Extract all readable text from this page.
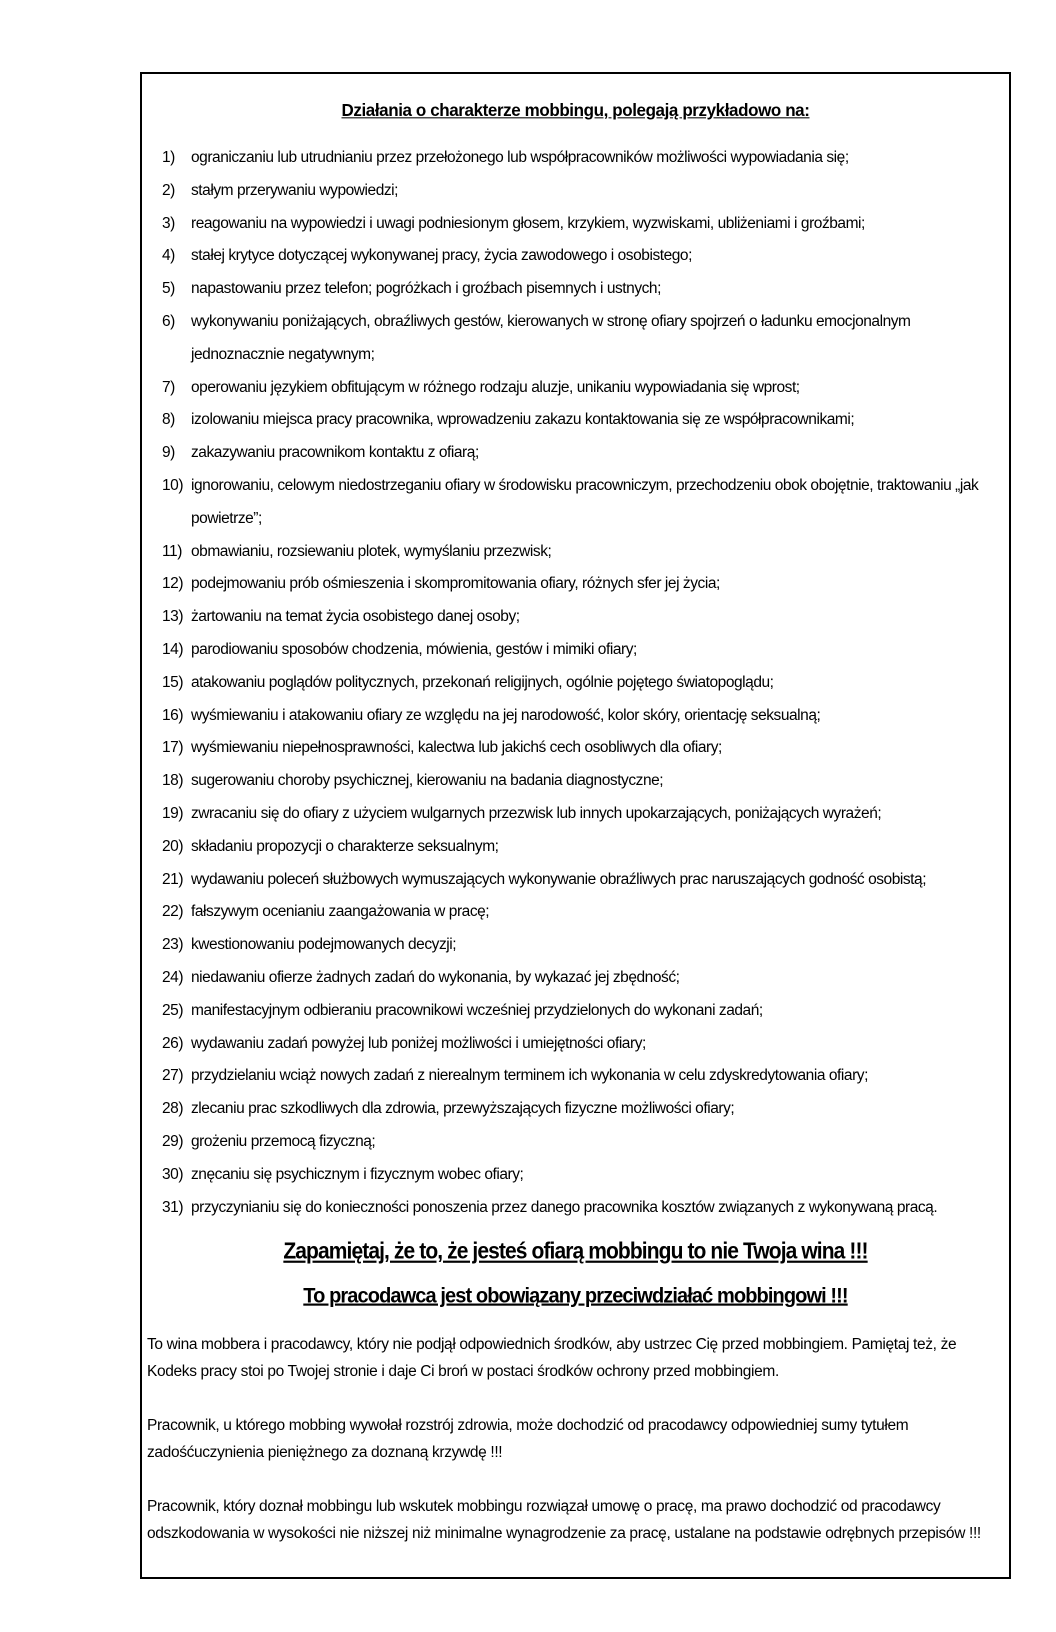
Działania o charakterze mobbingu, polegają przykładowo na:
1)	ograniczaniu lub utrudnianiu przez przełożonego lub współpracowników możliwości wypowiadania się;
2)	stałym przerywaniu wypowiedzi;
3)	reagowaniu na wypowiedzi i uwagi podniesionym głosem, krzykiem, wyzwiskami, ubliżeniami i groźbami;
4)	stałej krytyce dotyczącej wykonywanej pracy, życia zawodowego i osobistego;
5)	napastowaniu przez telefon; pogróżkach i groźbach pisemnych i ustnych;
6)	wykonywaniu poniżających, obraźliwych gestów, kierowanych w stronę ofiary spojrzeń o ładunku emocjonalnym jednoznacznie negatywnym;
7)	operowaniu językiem obfitującym w różnego rodzaju aluzje, unikaniu wypowiadania się wprost;
8)	izolowaniu miejsca pracy pracownika, wprowadzeniu zakazu kontaktowania się ze współpracownikami;
9)	zakazywaniu pracownikom kontaktu z ofiarą;
10) ignorowaniu, celowym niedostrzeganiu ofiary w środowisku pracowniczym, przechodzeniu obok obojętnie, traktowaniu „jak powietrze”;
11) obmawianiu, rozsiewaniu plotek, wymyślaniu przezwisk;
12) podejmowaniu prób ośmieszenia i skompromitowania ofiary, różnych sfer jej życia;
13) żartowaniu na temat życia osobistego danej osoby;
14) parodiowaniu sposobów chodzenia, mówienia, gestów i mimiki ofiary;
15) atakowaniu poglądów politycznych, przekonań religijnych, ogólnie pojętego światopoglądu;
16) wyśmiewaniu i atakowaniu ofiary ze względu na jej narodowość, kolor skóry, orientację seksualną;
17) wyśmiewaniu niepełnosprawności, kalectwa lub jakichś cech osobliwych dla ofiary;
18) sugerowaniu choroby psychicznej, kierowaniu na badania diagnostyczne;
19) zwracaniu się do ofiary z użyciem wulgarnych przezwisk lub innych upokarzających, poniżających wyrażeń;
20) składaniu propozycji o charakterze seksualnym;
21) wydawaniu poleceń służbowych wymuszających wykonywanie obraźliwych prac naruszających godność osobistą;
22) fałszywym ocenianiu zaangażowania w pracę;
23) kwestionowaniu podejmowanych decyzji;
24) niedawaniu ofierze żadnych zadań do wykonania, by wykazać jej zbędność;
25) manifestacyjnym odbieraniu pracownikowi wcześniej przydzielonych do wykonani zadań;
26) wydawaniu zadań powyżej lub poniżej możliwości i umiejętności ofiary;
27) przydzielaniu wciąż nowych zadań z nierealnym terminem ich wykonania w celu zdyskredytowania ofiary;
28) zlecaniu prac szkodliwych dla zdrowia, przewyższających fizyczne możliwości ofiary;
29) grożeniu przemocą fizyczną;
30) znęcaniu się psychicznym i fizycznym wobec ofiary;
31) przyczynianiu się do konieczności ponoszenia przez danego pracownika kosztów związanych z wykonywaną pracą.
Zapamiętaj, że to, że jesteś ofiarą mobbingu to nie Twoja wina !!!
To pracodawca jest obowiązany przeciwdziałać mobbingowi !!!

To wina mobbera i pracodawcy, który nie podjął odpowiednich środków, aby ustrzec Cię przed mobbingiem. Pamiętaj też, że Kodeks pracy stoi po Twojej stronie i daje Ci broń w postaci środków ochrony przed mobbingiem.

Pracownik, u którego mobbing wywołał rozstrój zdrowia, może dochodzić od pracodawcy odpowiedniej sumy tytułem zadośćuczynienia pieniężnego za doznaną krzywdę !!!

Pracownik, który doznał mobbingu lub wskutek mobbingu rozwiązał umowę o pracę, ma prawo dochodzić od pracodawcy odszkodowania w wysokości nie niższej niż minimalne wynagrodzenie za pracę, ustalane na podstawie odrębnych przepisów !!!
